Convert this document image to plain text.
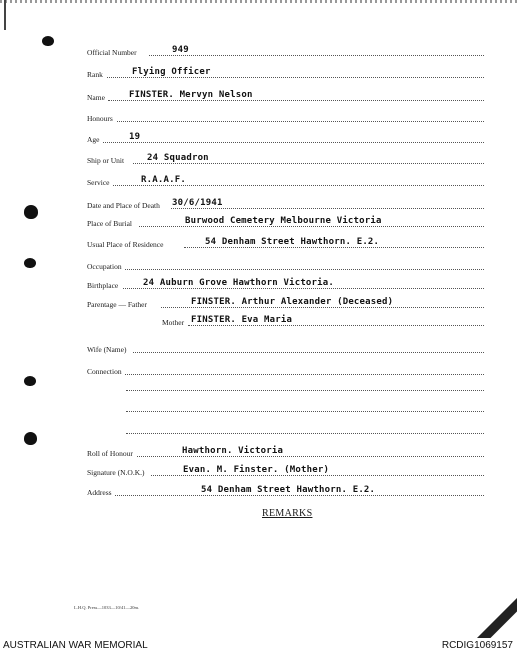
Official Number	949
Rank	Flying Officer
Name	FINSTER. Mervyn Nelson
Honours
Age	19
Ship or Unit	24 Squadron
Service	R.A.A.F.
Date and Place of Death 30/6/1941
Place of Burial	Burwood Cemetery Melbourne Victoria
Usual Place of Residence	54 Denham Street Hawthorn. E.2.
Occupation
Birthplace	24 Auburn Grove Hawthorn Victoria.
Parentage — Father	FINSTER. Arthur Alexander (Deceased)
Mother FINSTER. Eva Maria
Wife (Name)
Connection
Roll of Honour	Hawthorn. Victoria
Signature (N.O.K.)	Evan. M. Finster. (Mother)
Address	54 Denham Street Hawthorn. E.2.
REMARKS
L.H.Q. Press—1033—10/41—20m.
AUSTRALIAN WAR MEMORIAL	RCDIG1069157
